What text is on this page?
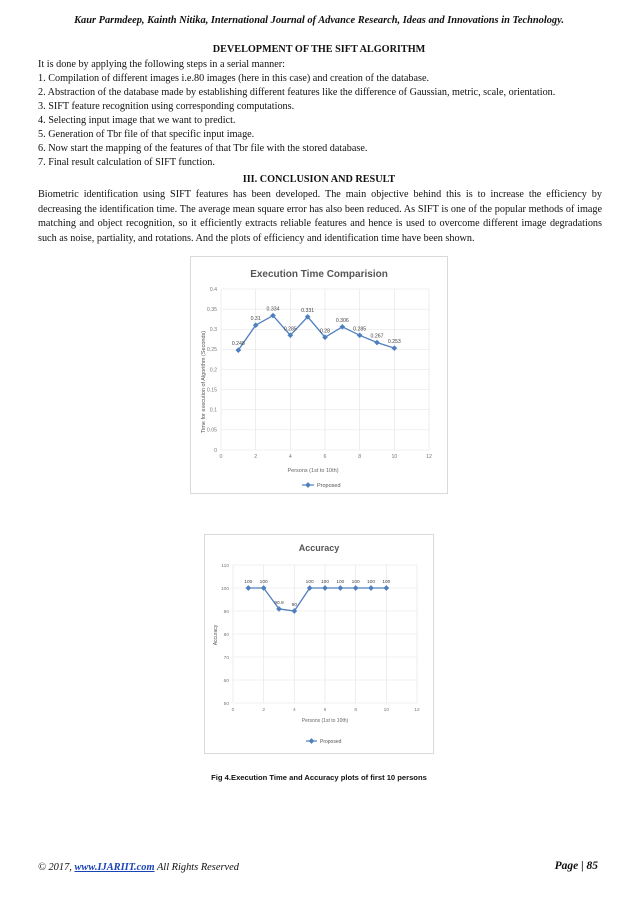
Kaur Parmdeep, Kainth Nitika, International Journal of Advance Research, Ideas and Innovations in Technology.
DEVELOPMENT OF THE SIFT ALGORITHM
It is done by applying the following steps in a serial manner:
1. Compilation of different images i.e.80 images (here in this case) and creation of the database.
2. Abstraction of the database made by establishing different features like the difference of Gaussian, metric, scale, orientation.
3. SIFT feature recognition using corresponding computations.
4. Selecting input image that we want to predict.
5. Generation of Tbr file of that specific input image.
6. Now start the mapping of the features of that Tbr file with the stored database.
7. Final result calculation of SIFT function.
III. CONCLUSION AND RESULT
Biometric identification using SIFT features has been developed. The main objective behind this is to increase the efficiency by decreasing the identification time. The average mean square error has also been reduced. As SIFT is one of the popular methods of image matching and object recognition, so it efficiently extracts reliable features and hence is used to overcome different image degradations such as noise, partiality, and rotations. And the plots of efficiency and identification time have been shown.
Execution Time Comparision
Time for execution of Algorithm (Seconds)
Persons (1st to 10th)
Proposed
0
0.05
0.1
0.15
0.2
0.25
0.3
0.35
0.4
0	2	4	6	8	10	12
0.248
0.31
0.334
0.285
0.331
0.28
0.306
0.285
0.267
0.253
Accuracy
Accuracy
Persons (1st to 10th)
Proposed
50
60
70
80
90
100
110
0	2	4	6	8	10	12
100 100
90.9 90
100 100 100 100 100 100
Fig 4.Execution Time and Accuracy plots of first 10 persons
© 2017, www.IJARIIT.com All Rights Reserved	Page | 85
